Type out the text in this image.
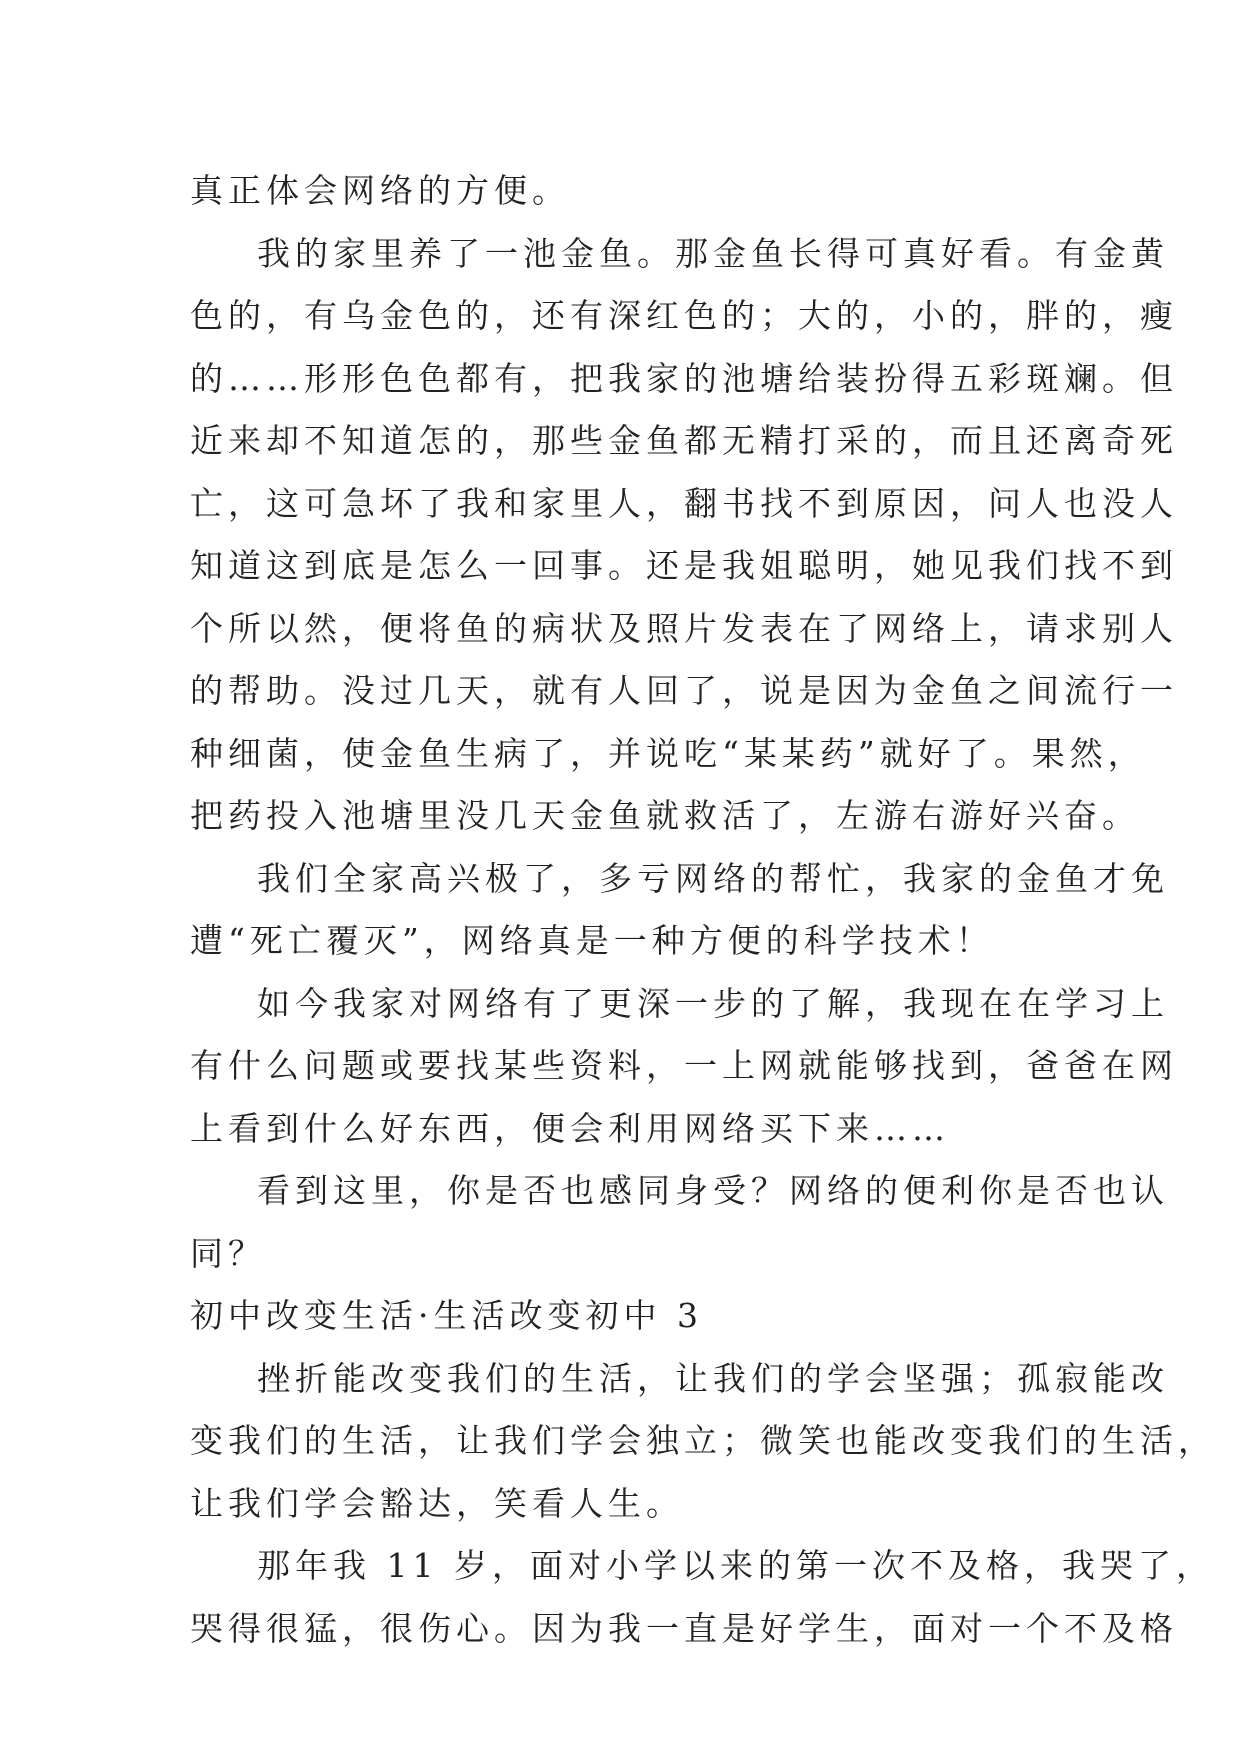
真正体会网络的方便。
我的家里养了一池金鱼。那金鱼长得可真好看。有金黄
色的，有乌金色的，还有深红色的；大的，小的，胖的，瘦
的……形形色色都有，把我家的池塘给装扮得五彩斑斓。但
近来却不知道怎的，那些金鱼都无精打采的，而且还离奇死
亡，这可急坏了我和家里人，翻书找不到原因，问人也没人
知道这到底是怎么一回事。还是我姐聪明，她见我们找不到
个所以然，便将鱼的病状及照片发表在了网络上，请求别人
的帮助。没过几天，就有人回了，说是因为金鱼之间流行一
种细菌，使金鱼生病了，并说吃“某某药”就好了。果然，
把药投入池塘里没几天金鱼就救活了，左游右游好兴奋。
我们全家高兴极了，多亏网络的帮忙，我家的金鱼才免
遭“死亡覆灭”，网络真是一种方便的科学技术！
如今我家对网络有了更深一步的了解，我现在在学习上
有什么问题或要找某些资料，一上网就能够找到，爸爸在网
上看到什么好东西，便会利用网络买下来……
看到这里，你是否也感同身受？网络的便利你是否也认
同？
初中改变生活·生活改变初中 3
挫折能改变我们的生活，让我们的学会坚强；孤寂能改
变我们的生活，让我们学会独立；微笑也能改变我们的生活，
让我们学会豁达，笑看人生。
那年我 11 岁，面对小学以来的第一次不及格，我哭了，
哭得很猛，很伤心。因为我一直是好学生，面对一个不及格
